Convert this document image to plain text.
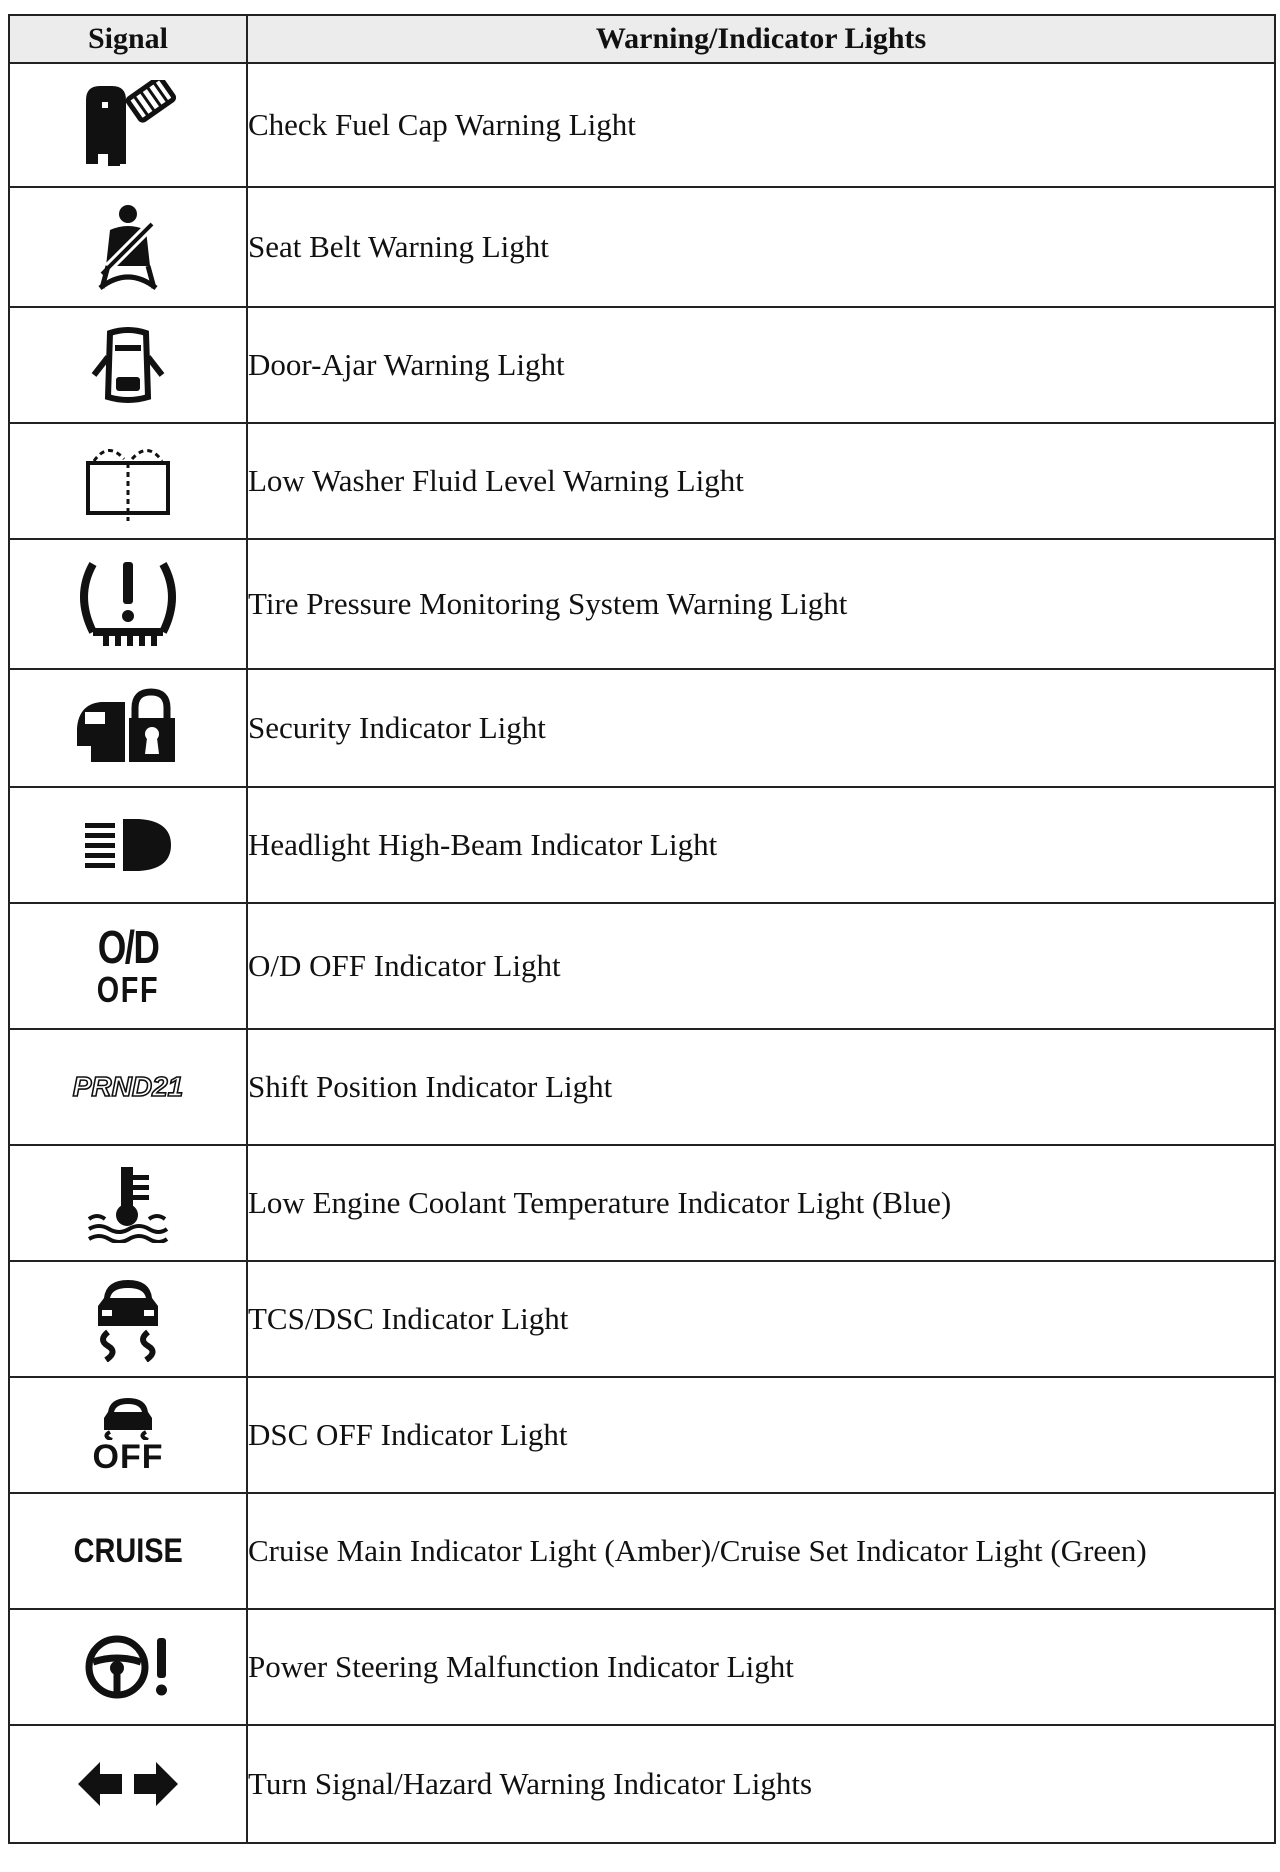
Signal	Warning/Indicator Lights

	Check Fuel Cap Warning Light

	Seat Belt Warning Light

	Door-Ajar Warning Light

	Low Washer Fluid Level Warning Light

	Tire Pressure Monitoring System Warning Light

	Security Indicator Light

	Headlight High-Beam Indicator Light

O/D
OFF	O/D OFF Indicator Light
PRND21	Shift Position Indicator Light

	Low Engine Coolant Temperature Indicator Light (Blue)

	TCS/DSC Indicator Light

OFF	DSC OFF Indicator Light
CRUISE	Cruise Main Indicator Light (Amber)/Cruise Set Indicator Light (Green)

	Power Steering Malfunction Indicator Light

	Turn Signal/Hazard Warning Indicator Lights
